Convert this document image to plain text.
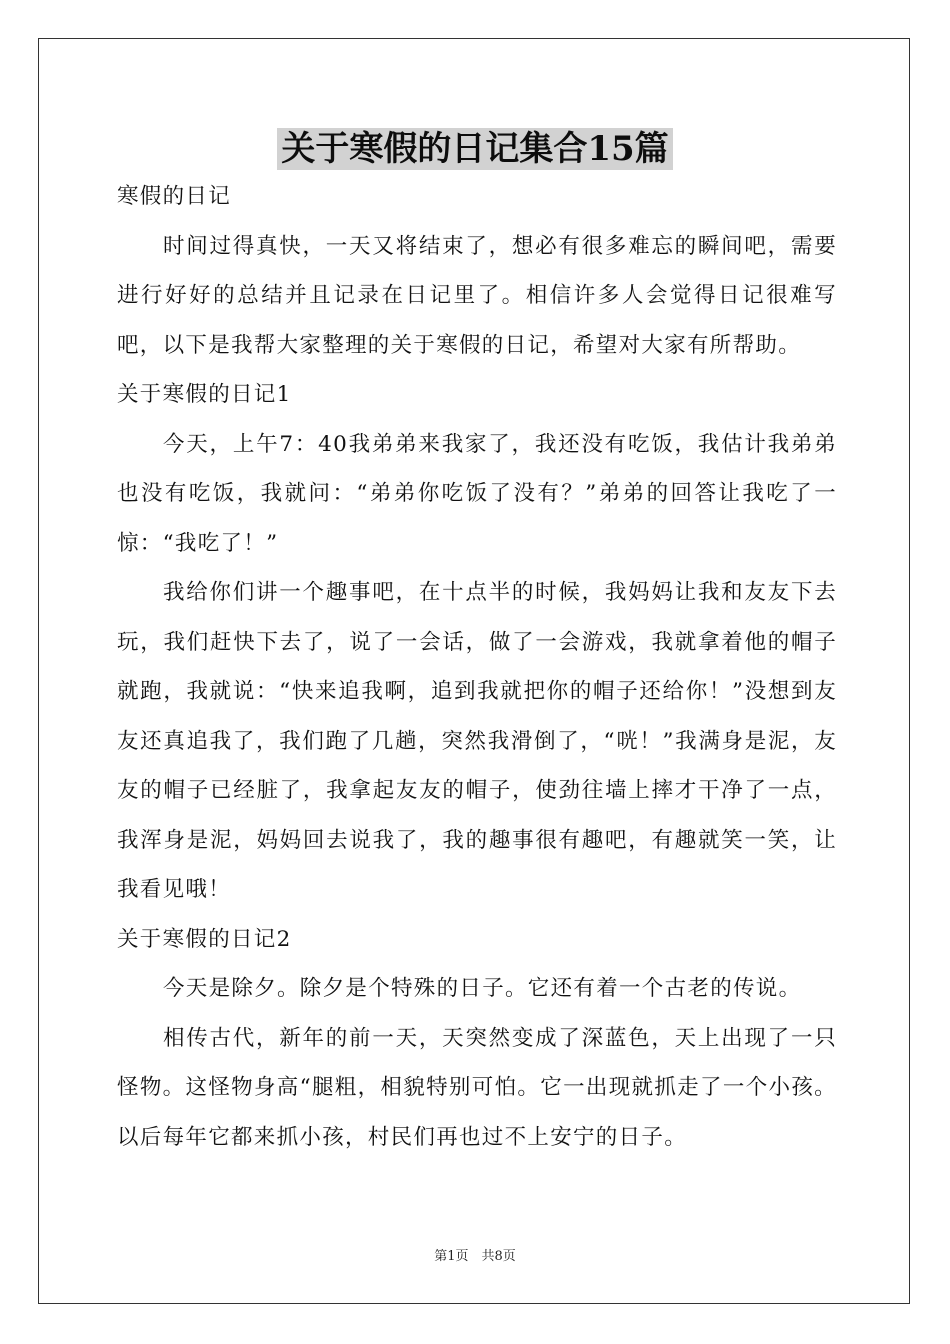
关于寒假的日记集合15篇

寒假的日记

时间过得真快，一天又将结束了，想必有很多难忘的瞬间吧，需要进行好好的总结并且记录在日记里了。相信许多人会觉得日记很难写吧，以下是我帮大家整理的关于寒假的日记，希望对大家有所帮助。

关于寒假的日记1

今天，上午7：40我弟弟来我家了，我还没有吃饭，我估计我弟弟也没有吃饭，我就问：“弟弟你吃饭了没有？”弟弟的回答让我吃了一惊：“我吃了！”

我给你们讲一个趣事吧，在十点半的时候，我妈妈让我和友友下去玩，我们赶快下去了，说了一会话，做了一会游戏，我就拿着他的帽子就跑，我就说：“快来追我啊，追到我就把你的帽子还给你！”没想到友友还真追我了，我们跑了几趟，突然我滑倒了，“咣！”我满身是泥，友友的帽子已经脏了，我拿起友友的帽子，使劲往墙上摔才干净了一点，我浑身是泥，妈妈回去说我了，我的趣事很有趣吧，有趣就笑一笑，让我看见哦！

关于寒假的日记2

今天是除夕。除夕是个特殊的日子。它还有着一个古老的传说。

相传古代，新年的前一天，天突然变成了深蓝色，天上出现了一只怪物。这怪物身高“腿粗，相貌特别可怕。它一出现就抓走了一个小孩。以后每年它都来抓小孩，村民们再也过不上安宁的日子。

第1页　共8页
